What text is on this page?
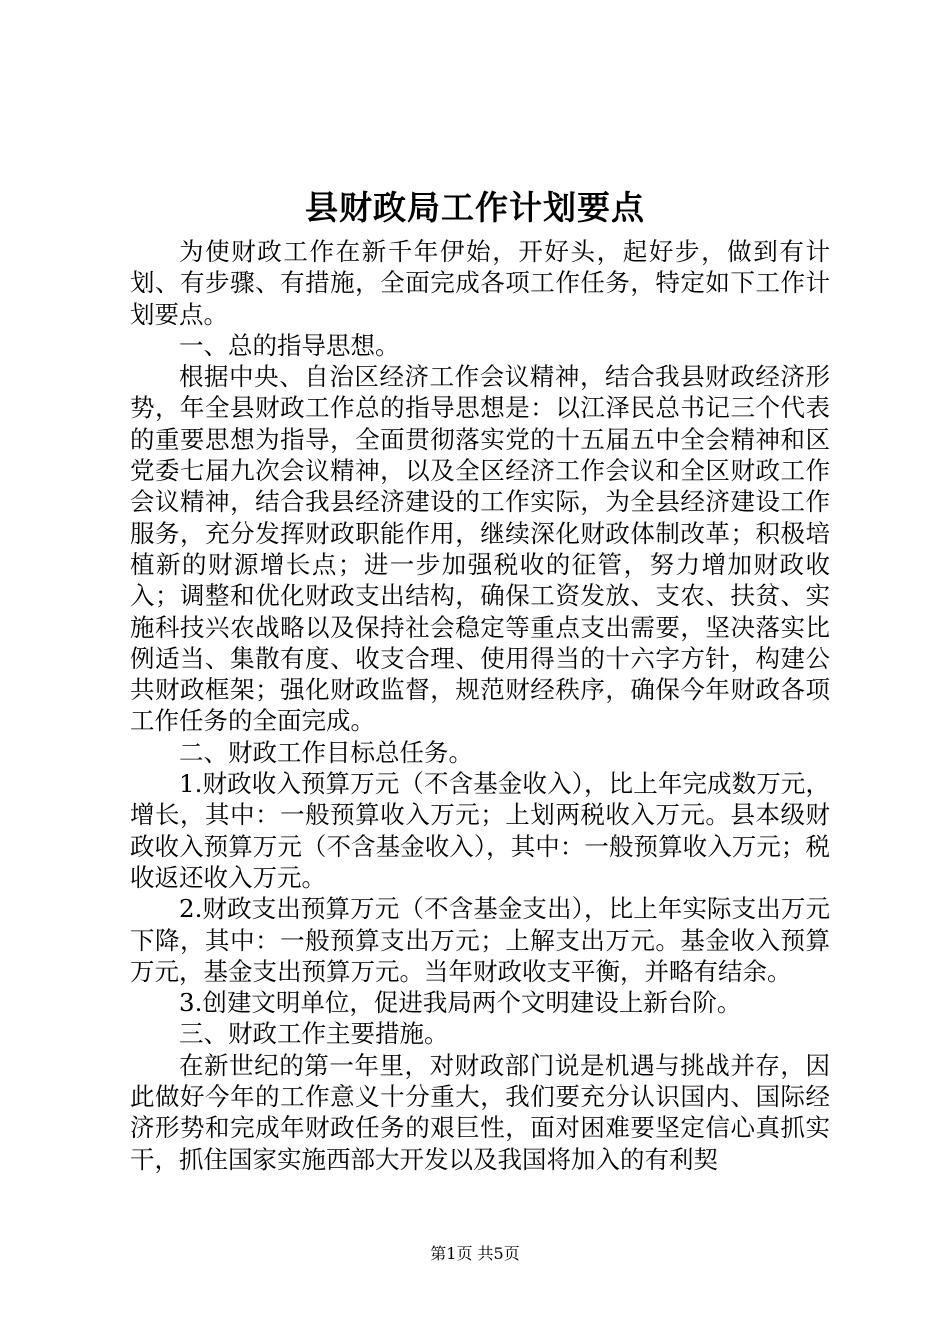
县财政局工作计划要点

为使财政工作在新千年伊始，开好头，起好步，做到有计划、有步骤、有措施，全面完成各项工作任务，特定如下工作计划要点。

一、总的指导思想。

根据中央、自治区经济工作会议精神，结合我县财政经济形势，年全县财政工作总的指导思想是：以江泽民总书记三个代表的重要思想为指导，全面贯彻落实党的十五届五中全会精神和区党委七届九次会议精神，以及全区经济工作会议和全区财政工作会议精神，结合我县经济建设的工作实际，为全县经济建设工作服务，充分发挥财政职能作用，继续深化财政体制改革；积极培植新的财源增长点；进一步加强税收的征管，努力增加财政收入；调整和优化财政支出结构，确保工资发放、支农、扶贫、实施科技兴农战略以及保持社会稳定等重点支出需要，坚决落实比例适当、集散有度、收支合理、使用得当的十六字方针，构建公共财政框架；强化财政监督，规范财经秩序，确保今年财政各项工作任务的全面完成。

二、财政工作目标总任务。

1.财政收入预算万元（不含基金收入），比上年完成数万元，增长，其中：一般预算收入万元；上划两税收入万元。县本级财政收入预算万元（不含基金收入），其中：一般预算收入万元；税收返还收入万元。

2.财政支出预算万元（不含基金支出），比上年实际支出万元下降，其中：一般预算支出万元；上解支出万元。基金收入预算万元，基金支出预算万元。当年财政收支平衡，并略有结余。

3.创建文明单位，促进我局两个文明建设上新台阶。

三、财政工作主要措施。

在新世纪的第一年里，对财政部门说是机遇与挑战并存，因此做好今年的工作意义十分重大，我们要充分认识国内、国际经济形势和完成年财政任务的艰巨性，面对困难要坚定信心真抓实干，抓住国家实施西部大开发以及我国将加入的有利契

第1页 共5页
